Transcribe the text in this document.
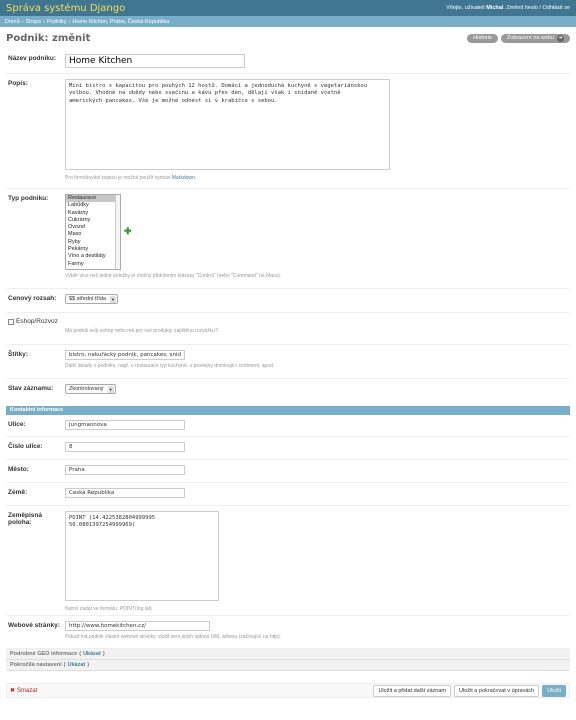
Správa systému Django	Vítejte, uživateli Michal. Změnit heslo / Odhlásit se
Domů › Shops › Podniky › Home Kitchen, Praha, Česká Republika
Podnik: změnit	Historie	Zobrazení na webu ➜
Název podniku:
Home Kitchen
Popis:
Mini bistro s kapacitou pro pouhých 12 hostů. Domácí a jednoduchá kuchyně s vegetariánskou volbou. Vhodné na obědy nebo svačinu a kávu přes den, dělají však i snídaně včetně amerických pancakes. Vše je možné odnést si v krabičce s sebou.
Pro formátování popisu je možné použít syntaxi Markdown.
Typ podniku:	Restaurace
Lahůdky
Kavárny
Cukrárny
Ovozel
Maso
Ryby
Pekárny
Víno a destiláty
Farmy
✚
Výběr více než jedné položky je možný přidržením klávesy "Control" (nebo "Command" na Macu).
Cenový rozsah:	$$ střední třída ▼
Eshop/Rozvoz
Má podnik svůj eshop nebo má pro své produkty zajištěnu rozvážku?
Štítky:
bistro, nekuřácký podnik, pancakes, snídaně
Další detaily o podniku, např. u restaurace typ kuchyně, u prodejny dominující sortiment, apod.
Stav záznamu:	Zkontrolovaný ▼
Kontaktní informace
Ulice:
Jungmannova
Číslo ulice:
8
Město:
Praha
Země:
Česká Republika
Zeměpisná
poloha:
POINT (14.4225382804999995 50.0801397254999969)
Nutno zadat ve formátu: POINT(lng lat)
Webové stránky:
http://www.homekitchen.cz/
Pokud má podnik vlastní webové stránky, vložit sem jejich úplnou URL adresu (začínající na http).
Podrobné GEO informace ( Ukázat )
Pokročilá nastavení ( Ukázat )
✖ Smazat	Uložit a přidat další záznam	Uložit a pokračovat v úpravách	Uložit
